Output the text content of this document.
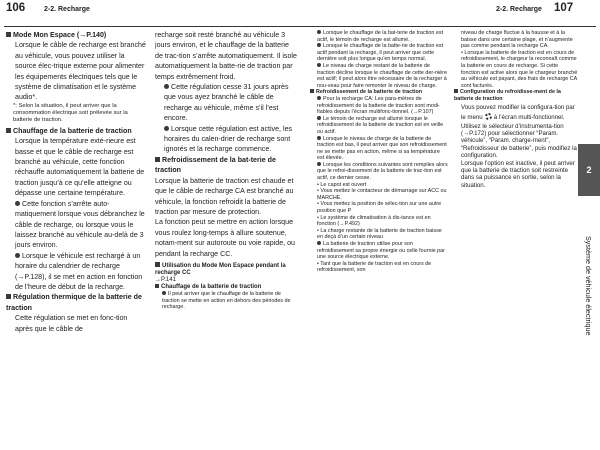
106	2-2. Recharge

Mode Mon Espace (→P.140)

Lorsque le câble de recharge est branché au véhicule, vous pouvez utiliser la source élec-trique externe pour alimenter les équipements électriques tels que le système de climatisation et le système audio*.

*: Selon la situation, il peut arriver que la consommation électrique soit prélevée sur la batterie de traction.

Chauffage de la batterie de traction

Lorsque la température exté-rieure est basse et que le câble de recharge est branché au véhicule, cette fonction réchauffe automatiquement la batterie de traction jusqu’à ce qu’elle atteigne ou dépasse une certaine température.

Cette fonction s’arrête auto-matiquement lorsque vous débranchez le câble de recharge, ou lorsque vous le laissez branché au véhicule au-delà de 3 jours environ.

Lorsque le véhicule est rechargé à un horaire du calendrier de recharge (→P.128), il se met en action en fonction de l’heure de début de la recharge.

Régulation thermique de la batterie de traction

Cette régulation se met en fonc-tion après que le câble de

recharge soit resté branché au véhicule 3 jours environ, et le chauffage de la batterie de trac-tion s’arrête automatiquement. Il isole automatiquement la batte-rie de traction par temps extrêmement froid.

Cette régulation cesse 31 jours après que vous ayez branché le câble de recharge au véhicule, même s’il l’est encore.

Lorsque cette régulation est active, les horaires du calen-drier de recharge sont ignorés et la recharge commence.

Refroidissement de la bat-terie de traction

Lorsque la batterie de traction est chaude et que le câble de recharge CA est branché au véhicule, la fonction refroidit la batterie de traction par mesure de protection.

La fonction peut se mettre en action lorsque vous roulez long-temps à allure soutenue, notam-ment sur autoroute ou voie rapide, ou pendant la recharge CC.

Utilisation du Mode Mon Espace pendant la recharge CC

→P.141

Chauffage de la batterie de traction

Il peut arriver que le chauffage de la batterie de traction se mette en action en dehors des périodes de recharge.

2-2. Recharge 107

Lorsque le chauffage de la bat-terie de traction est actif, le témoin de recharge est allumé.

Lorsque le chauffage de la batte-rie de traction est actif pendant la recharge, il peut arriver que cette dernière soit plus longue qu’en temps normal.

Le niveau de charge restant de la batterie de traction décline lorsque le chauffage de cette der-nière est actif; il peut alors être nécessaire de la recharger à nou-veau pour faire remonter le niveau de charge.

Refroidissement de la batterie de traction

Pour la recharge CA: Les para-mètres de refroidissement de la batterie de traction sont modi-fiables depuis l’écran multifonc-tionnel. (→P.107)

Le témoin de recharge est allumé lorsque le refroidissement de la batterie de traction est en veille ou actif.

Lorsque le niveau de charge de la batterie de traction est bas, il peut arriver que son refroidissement ne se mette pas en action, même si sa température est élevée.

Lorsque les conditions suivantes sont remplies alors que le refroi-dissement de la batterie de trac-tion est actif, ce dernier cesse.

• Le capot est ouvert

• Vous mettez le contacteur de démarrage sur ACC ou MARCHE.

• Vous mettez la position de sélec-tion sur une autre position que P

• Le système de climatisation à dis-tance est en fonction (→P.492)

• La charge restante de la batterie de traction baisse en deçà d’un certain niveau

La batterie de traction utilise pour son refroidissement sa propre énergie ou celle fournie par une source électrique externe.

• Tant que la batterie de traction est en cours de refroidissement, son

niveau de charge fluctue à la hausse et à la baisse dans une certaine plage, et n’augmente pas comme pendant la recharge CA.

• Lorsque la batterie de traction est en cours de refroidissement, le chargeur la reconnaît comme la batterie en cours de recharge. Si cette fonction est active alors que le chargeur branché au véhicule est payant, des frais de recharge CA sont facturés.

Configuration du refroidisse-ment de la batterie de traction

Vous pouvez modifier la configura-tion par le menu à l’écran multi-fonctionnel.

Utilisez le sélecteur d’instrumenta-tion (→P.172) pour sélectionner “Param. véhicule”, “Param. charge-ment”, “Refroidisseur de batterie”, puis modifiez la configuration.

Lorsque l’option est inactive, il peut arriver que la batterie de traction soit restreinte dans sa puissance en sortie, selon la situation.

2
Système de véhicule électrique
